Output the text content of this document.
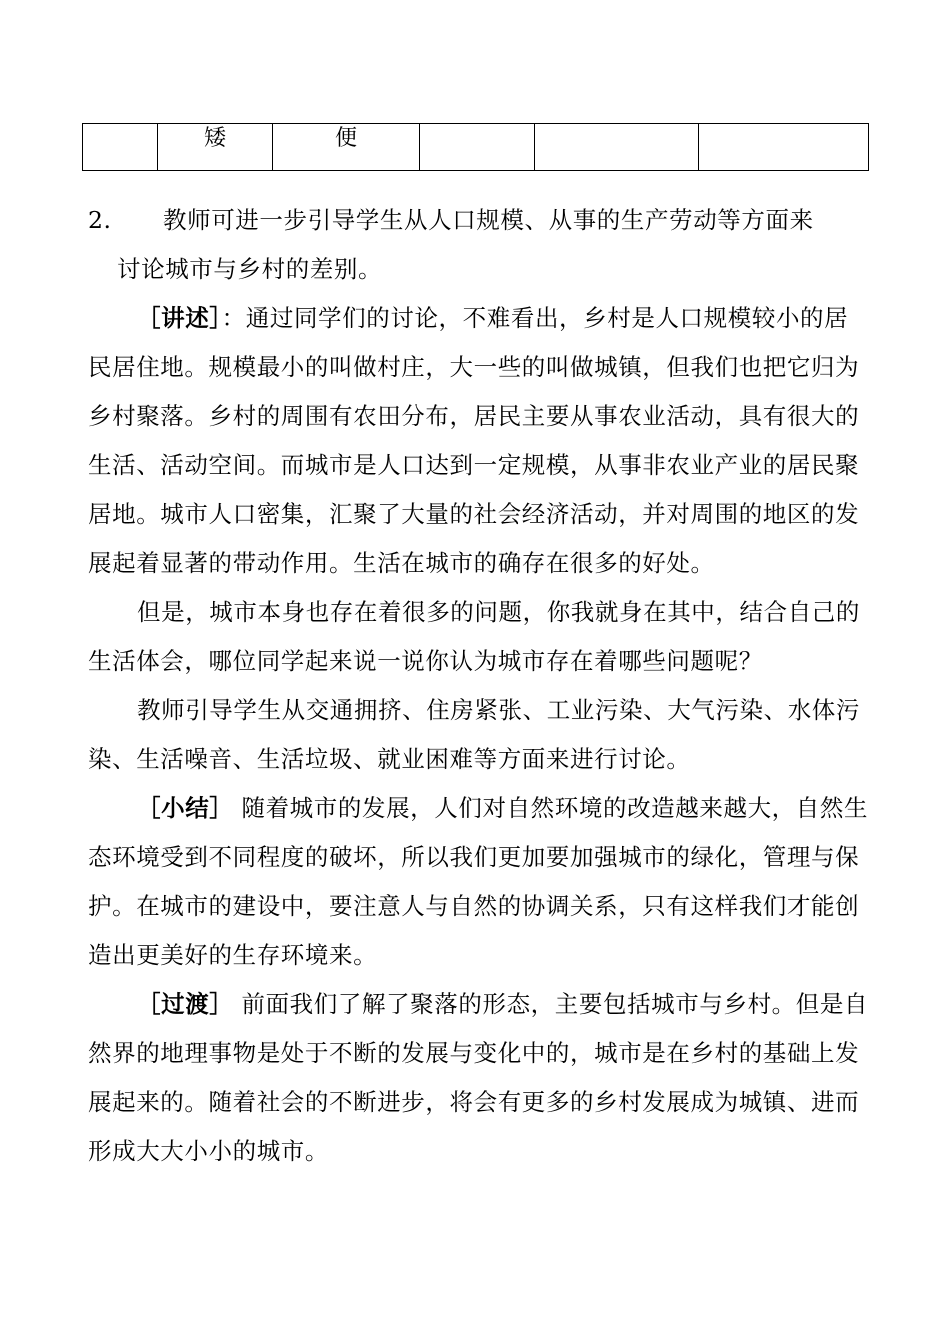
	矮	便			

2. 教师可进一步引导学生从人口规模、从事的生产劳动等方面来

讨论城市与乡村的差别。

［讲述］：通过同学们的讨论，不难看出，乡村是人口规模较小的居民居住地。规模最小的叫做村庄，大一些的叫做城镇，但我们也把它归为乡村聚落。乡村的周围有农田分布，居民主要从事农业活动，具有很大的生活、活动空间。而城市是人口达到一定规模，从事非农业产业的居民聚居地。城市人口密集，汇聚了大量的社会经济活动，并对周围的地区的发展起着显著的带动作用。生活在城市的确存在很多的好处。

但是，城市本身也存在着很多的问题，你我就身在其中，结合自己的生活体会，哪位同学起来说一说你认为城市存在着哪些问题呢？

教师引导学生从交通拥挤、住房紧张、工业污染、大气污染、水体污染、生活噪音、生活垃圾、就业困难等方面来进行讨论。

［小结］ 随着城市的发展，人们对自然环境的改造越来越大，自然生态环境受到不同程度的破坏，所以我们更加要加强城市的绿化，管理与保护。在城市的建设中，要注意人与自然的协调关系，只有这样我们才能创造出更美好的生存环境来。

［过渡］ 前面我们了解了聚落的形态，主要包括城市与乡村。但是自然界的地理事物是处于不断的发展与变化中的，城市是在乡村的基础上发展起来的。随着社会的不断进步，将会有更多的乡村发展成为城镇、进而形成大大小小的城市。
